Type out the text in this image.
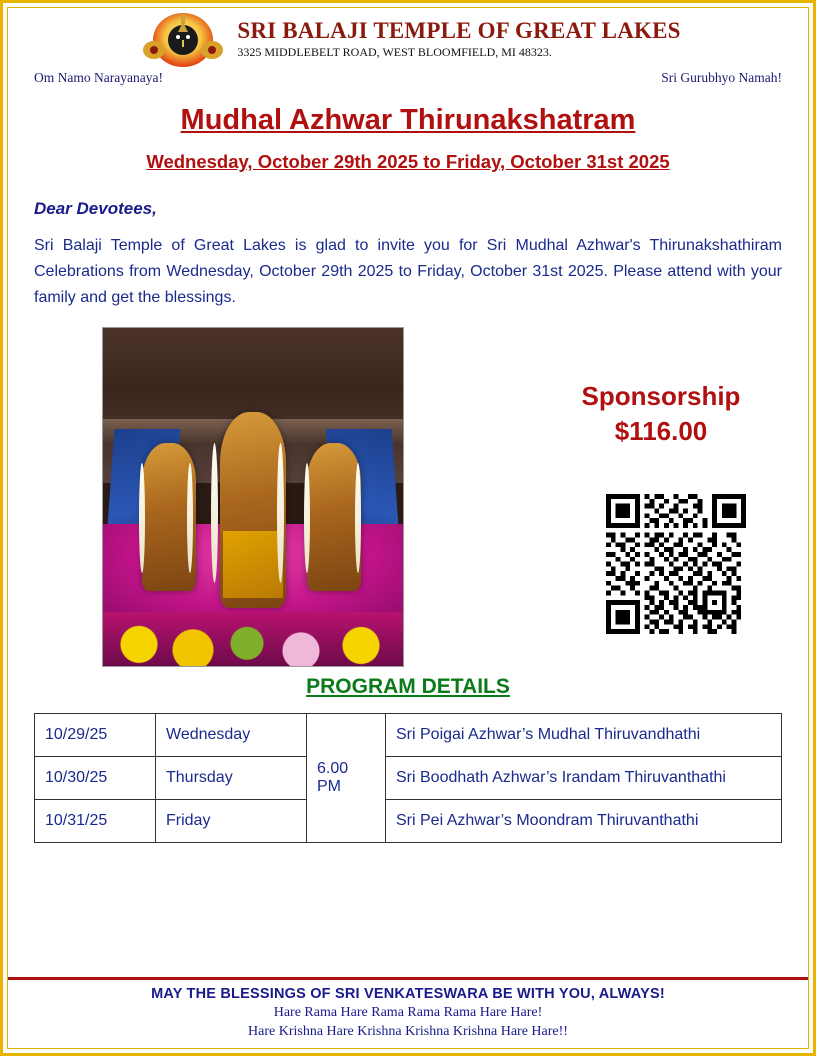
SRI BALAJI TEMPLE OF GREAT LAKES
3325 MIDDLEBELT ROAD, WEST BLOOMFIELD, MI 48323.
Om Namo Narayanaya!	Sri Gurubhyo Namah!
Mudhal Azhwar Thirunakshatram
Wednesday, October 29th 2025 to Friday, October 31st 2025
Dear Devotees,
Sri Balaji Temple of Great Lakes is glad to invite you for Sri Mudhal Azhwar's Thirunakshathiram Celebrations from Wednesday, October 29th 2025 to Friday, October 31st 2025. Please attend with your family and get the blessings.
Sponsorship
$116.00
PROGRAM DETAILS
10/29/25	Wednesday	6.00 PM	Sri Poigai Azhwar’s Mudhal Thiruvandhathi
10/30/25	Thursday		Sri Boodhath Azhwar’s Irandam Thiruvanthathi
10/31/25	Friday		Sri Pei Azhwar’s Moondram Thiruvanthathi
MAY THE BLESSINGS OF SRI VENKATESWARA BE WITH YOU, ALWAYS!
Hare Rama Hare Rama Rama Rama Hare Hare!
Hare Krishna Hare Krishna Krishna Krishna Hare Hare!!
